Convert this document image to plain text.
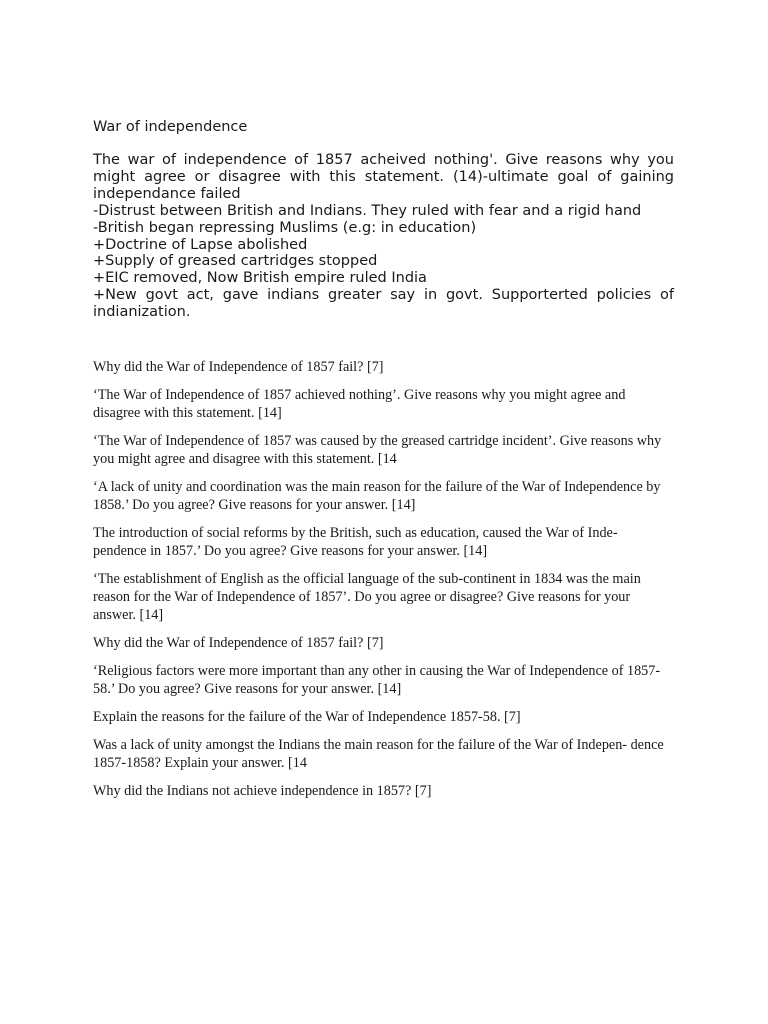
War of independence

The war of independence of 1857 acheived nothing'. Give reasons why you might agree or disagree with this statement. (14)-ultimate goal of gaining independance failed

-Distrust between British and Indians. They ruled with fear and a rigid hand

-British began repressing Muslims (e.g: in education)

+Doctrine of Lapse abolished

+Supply of greased cartridges stopped

+EIC removed, Now British empire ruled India

+New govt act, gave indians greater say in govt. Supporterted policies of indianization.

Why did the War of Independence of 1857 fail? [7]

‘The War of Independence of 1857 achieved nothing’. Give reasons why you might agree and disagree with this statement. [14]

‘The War of Independence of 1857 was caused by the greased cartridge incident’. Give reasons why you might agree and disagree with this statement. [14

‘A lack of unity and coordination was the main reason for the failure of the War of Independence by 1858.’ Do you agree? Give reasons for your answer. [14]

The introduction of social reforms by the British, such as education, caused the War of Inde- pendence in 1857.’ Do you agree? Give reasons for your answer. [14]

‘The establishment of English as the official language of the sub-continent in 1834 was the main reason for the War of Independence of 1857’. Do you agree or disagree? Give reasons for your answer. [14]

Why did the War of Independence of 1857 fail? [7]

‘Religious factors were more important than any other in causing the War of Independence of 1857-58.’ Do you agree? Give reasons for your answer. [14]

Explain the reasons for the failure of the War of Independence 1857-58. [7]

Was a lack of unity amongst the Indians the main reason for the failure of the War of Indepen- dence 1857-1858? Explain your answer. [14

Why did the Indians not achieve independence in 1857? [7]
